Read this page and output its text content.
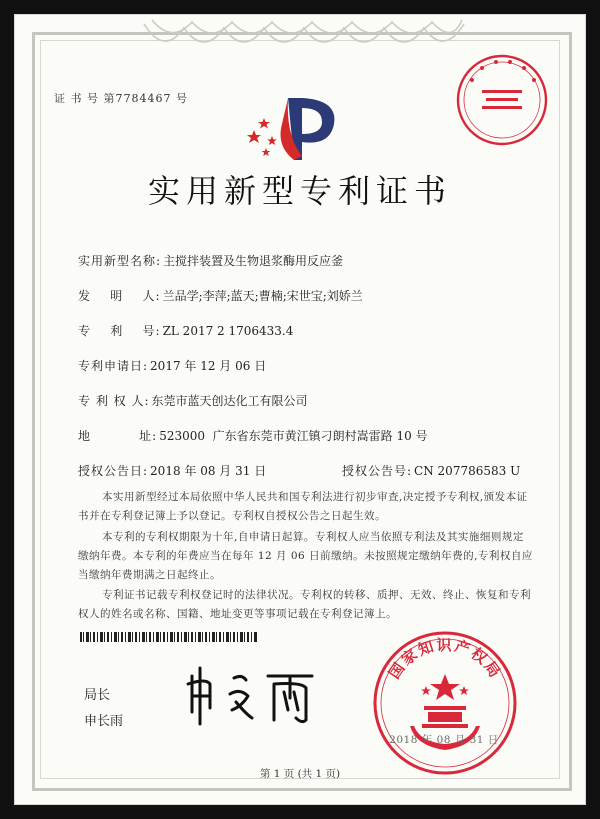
证 书 号 第7784467 号
实用新型专利证书
实用新型名称: 主搅拌装置及生物退浆酶用反应釜
发    明    人: 兰品学;李萍;蓝天;曹楠;宋世宝;刘娇兰
专    利    号: ZL 2017 2 1706433.4
专利申请日: 2017 年 12 月 06 日
专 利 权 人: 东莞市蓝天创达化工有限公司
地          址: 523000  广东省东莞市黄江镇刁朗村嵩雷路 10 号
授权公告日: 2018 年 08 月 31 日	授权公告号: CN 207786583 U
本实用新型经过本局依照中华人民共和国专利法进行初步审查,决定授予专利权,颁发本证书并在专利登记簿上予以登记。专利权自授权公告之日起生效。
本专利的专利权期限为十年,自申请日起算。专利权人应当依照专利法及其实施细则规定缴纳年费。本专利的年费应当在每年 12 月 06 日前缴纳。未按照规定缴纳年费的,专利权自应当缴纳年费期满之日起终止。
专利证书记载专利权登记时的法律状况。专利权的转移、质押、无效、终止、恢复和专利权人的姓名或名称、国籍、地址变更等事项记载在专利登记簿上。
局长
申长雨
国家知识产权局
2018 年 08 月 31 日
第 1 页 (共 1 页)
